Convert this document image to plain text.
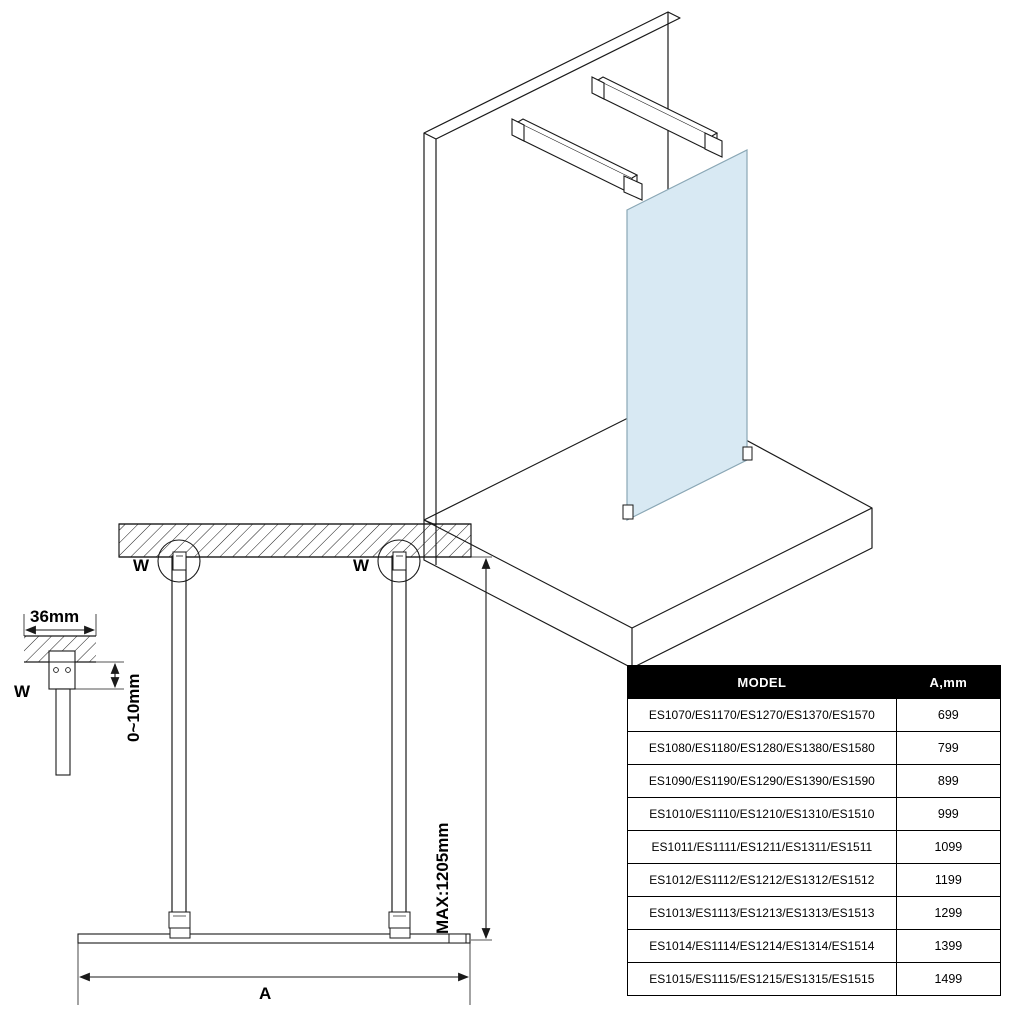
W	W
W
36mm
0~10mm
MAX:1205mm
A
MODEL	A,mm
ES1070/ES1170/ES1270/ES1370/ES1570	699
ES1080/ES1180/ES1280/ES1380/ES1580	799
ES1090/ES1190/ES1290/ES1390/ES1590	899
ES1010/ES1110/ES1210/ES1310/ES1510	999
ES1011/ES1111/ES1211/ES1311/ES1511	1099
ES1012/ES1112/ES1212/ES1312/ES1512	1199
ES1013/ES1113/ES1213/ES1313/ES1513	1299
ES1014/ES1114/ES1214/ES1314/ES1514	1399
ES1015/ES1115/ES1215/ES1315/ES1515	1499
